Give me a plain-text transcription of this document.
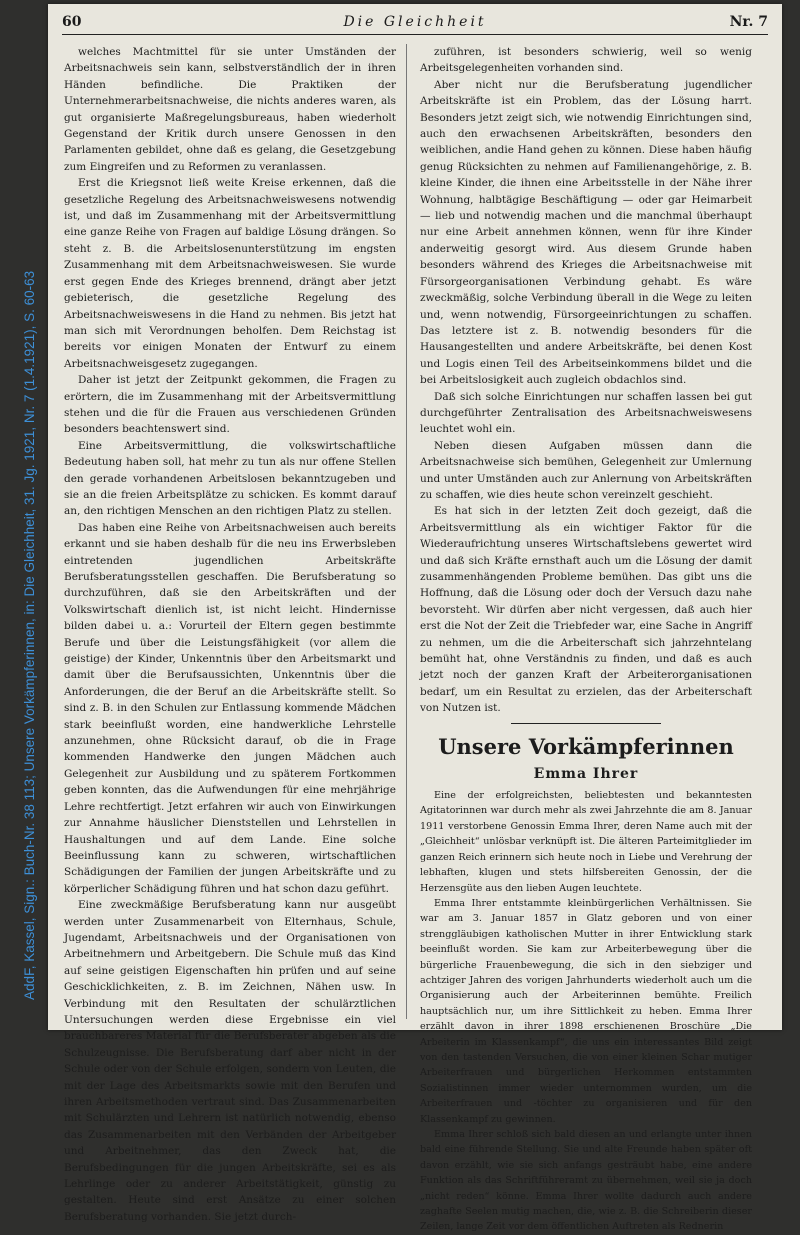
AddF, Kassel, Sign.: Buch-Nr. 38 113; Unsere Vorkämpferinnen, in: Die Gleichheit, 31. Jg. 1921, Nr. 7 (1.4.1921), S. 60-63
60	Die Gleichheit	Nr. 7

welches Machtmittel für sie unter Umständen der Arbeitsnachweis sein kann, selbstverständlich der in ihren Händen befindliche. Die Praktiken der Unternehmerarbeitsnachweise, die nichts anderes waren, als gut organisierte Maßregelungsbureaus, haben wiederholt Gegenstand der Kritik durch unsere Genossen in den Parlamenten gebildet, ohne daß es gelang, die Gesetzgebung zum Eingreifen und zu Reformen zu veranlassen.

Erst die Kriegsnot ließ weite Kreise erkennen, daß die gesetzliche Regelung des Arbeitsnachweiswesens notwendig ist, und daß im Zusammenhang mit der Arbeitsvermittlung eine ganze Reihe von Fragen auf baldige Lösung drängen. So steht z. B. die Arbeitslosenunterstützung im engsten Zusammenhang mit dem Arbeitsnachweiswesen. Sie wurde erst gegen Ende des Krieges brennend, drängt aber jetzt gebieterisch, die gesetzliche Regelung des Arbeitsnachweiswesens in die Hand zu nehmen. Bis jetzt hat man sich mit Verordnungen beholfen. Dem Reichstag ist bereits vor einigen Monaten der Entwurf zu einem Arbeitsnachweisgesetz zugegangen.

Daher ist jetzt der Zeitpunkt gekommen, die Fragen zu erörtern, die im Zusammenhang mit der Arbeitsvermittlung stehen und die für die Frauen aus verschiedenen Gründen besonders beachtenswert sind.

Eine Arbeitsvermittlung, die volkswirtschaftliche Bedeutung haben soll, hat mehr zu tun als nur offene Stellen den gerade vorhandenen Arbeitslosen bekanntzugeben und sie an die freien Arbeitsplätze zu schicken. Es kommt darauf an, den richtigen Menschen an den richtigen Platz zu stellen.

Das haben eine Reihe von Arbeitsnachweisen auch bereits erkannt und sie haben deshalb für die neu ins Erwerbsleben eintretenden jugendlichen Arbeitskräfte Berufsberatungsstellen geschaffen. Die Berufsberatung so durchzuführen, daß sie den Arbeitskräften und der Volkswirtschaft dienlich ist, ist nicht leicht. Hindernisse bilden dabei u. a.: Vorurteil der Eltern gegen bestimmte Berufe und über die Leistungsfähigkeit (vor allem die geistige) der Kinder, Unkenntnis über den Arbeitsmarkt und damit über die Berufsaussichten, Unkenntnis über die Anforderungen, die der Beruf an die Arbeitskräfte stellt. So sind z. B. in den Schulen zur Entlassung kommende Mädchen stark beeinflußt worden, eine handwerkliche Lehrstelle anzunehmen, ohne Rücksicht darauf, ob die in Frage kommenden Handwerke den jungen Mädchen auch Gelegenheit zur Ausbildung und zu späterem Fortkommen geben konnten, das die Aufwendungen für eine mehrjährige Lehre rechtfertigt. Jetzt erfahren wir auch von Einwirkungen zur Annahme häuslicher Dienststellen und Lehrstellen in Haushaltungen und auf dem Lande. Eine solche Beeinflussung kann zu schweren, wirtschaftlichen Schädigungen der Familien der jungen Arbeitskräfte und zu körperlicher Schädigung führen und hat schon dazu geführt.

Eine zweckmäßige Berufsberatung kann nur ausgeübt werden unter Zusammenarbeit von Elternhaus, Schule, Jugendamt, Arbeitsnachweis und der Organisationen von Arbeitnehmern und Arbeitgebern. Die Schule muß das Kind auf seine geistigen Eigenschaften hin prüfen und auf seine Geschicklichkeiten, z. B. im Zeichnen, Nähen usw. In Verbindung mit den Resultaten der schulärztlichen Untersuchungen werden diese Ergebnisse ein viel brauchbareres Material für die Berufsberater abgeben als die Schulzeugnisse. Die Berufsberatung darf aber nicht in der Schule oder von der Schule erfolgen, sondern von Leuten, die mit der Lage des Arbeitsmarkts sowie mit den Berufen und ihren Arbeitsmethoden vertraut sind. Das Zusammenarbeiten mit Schulärzten und Lehrern ist natürlich notwendig, ebenso das Zusammenarbeiten mit den Verbänden der Arbeitgeber und Arbeitnehmer, das den Zweck hat, die Berufsbedingungen für die jungen Arbeitskräfte, sei es als Lehrlinge oder zu anderer Arbeitstätigkeit, günstig zu gestalten. Heute sind erst Ansätze zu einer solchen Berufsberatung vorhanden. Sie jetzt durch-

zuführen, ist besonders schwierig, weil so wenig Arbeitsgelegenheiten vorhanden sind.

Aber nicht nur die Berufsberatung jugendlicher Arbeitskräfte ist ein Problem, das der Lösung harrt. Besonders jetzt zeigt sich, wie notwendig Einrichtungen sind, auch den erwachsenen Arbeitskräften, besonders den weiblichen, andie Hand gehen zu können. Diese haben häufig genug Rücksichten zu nehmen auf Familienangehörige, z. B. kleine Kinder, die ihnen eine Arbeitsstelle in der Nähe ihrer Wohnung, halbtägige Beschäftigung — oder gar Heimarbeit — lieb und notwendig machen und die manchmal überhaupt nur eine Arbeit annehmen können, wenn für ihre Kinder anderweitig gesorgt wird. Aus diesem Grunde haben besonders während des Krieges die Arbeitsnachweise mit Fürsorgeorganisationen Verbindung gehabt. Es wäre zweckmäßig, solche Verbindung überall in die Wege zu leiten und, wenn notwendig, Fürsorgeeinrichtungen zu schaffen. Das letztere ist z. B. notwendig besonders für die Hausangestellten und andere Arbeitskräfte, bei denen Kost und Logis einen Teil des Arbeitseinkommens bildet und die bei Arbeitslosigkeit auch zugleich obdachlos sind.

Daß sich solche Einrichtungen nur schaffen lassen bei gut durchgeführter Zentralisation des Arbeitsnachweiswesens leuchtet wohl ein.

Neben diesen Aufgaben müssen dann die Arbeitsnachweise sich bemühen, Gelegenheit zur Umlernung und unter Umständen auch zur Anlernung von Arbeitskräften zu schaffen, wie dies heute schon vereinzelt geschieht.

Es hat sich in der letzten Zeit doch gezeigt, daß die Arbeitsvermittlung als ein wichtiger Faktor für die Wiederaufrichtung unseres Wirtschaftslebens gewertet wird und daß sich Kräfte ernsthaft auch um die Lösung der damit zusammenhängenden Probleme bemühen. Das gibt uns die Hoffnung, daß die Lösung oder doch der Versuch dazu nahe bevorsteht. Wir dürfen aber nicht vergessen, daß auch hier erst die Not der Zeit die Triebfeder war, eine Sache in Angriff zu nehmen, um die die Arbeiterschaft sich jahrzehntelang bemüht hat, ohne Verständnis zu finden, und daß es auch jetzt noch der ganzen Kraft der Arbeiterorganisationen bedarf, um ein Resultat zu erzielen, das der Arbeiterschaft von Nutzen ist.

Unsere Vorkämpferinnen
Emma Ihrer

Eine der erfolgreichsten, beliebtesten und bekanntesten Agitatorinnen war durch mehr als zwei Jahrzehnte die am 8. Januar 1911 verstorbene Genossin Emma Ihrer, deren Name auch mit der „Gleichheit“ unlösbar verknüpft ist. Die älteren Parteimitglieder im ganzen Reich erinnern sich heute noch in Liebe und Verehrung der lebhaften, klugen und stets hilfsbereiten Genossin, der die Herzensgüte aus den lieben Augen leuchtete.

Emma Ihrer entstammte kleinbürgerlichen Verhältnissen. Sie war am 3. Januar 1857 in Glatz geboren und von einer strenggläubigen katholischen Mutter in ihrer Entwicklung stark beeinflußt worden. Sie kam zur Arbeiterbewegung über die bürgerliche Frauenbewegung, die sich in den siebziger und achtziger Jahren des vorigen Jahrhunderts wiederholt auch um die Organisierung auch der Arbeiterinnen bemühte. Freilich hauptsächlich nur, um ihre Sittlichkeit zu heben. Emma Ihrer erzählt davon in ihrer 1898 erschienenen Broschüre „Die Arbeiterin im Klassenkampf“, die uns ein interessantes Bild zeigt von den tastenden Versuchen, die von einer kleinen Schar mutiger Arbeiterfrauen und bürgerlichen Herkommen entstammten Sozialistinnen immer wieder unternommen wurden, um die Arbeiterfrauen und -töchter zu organisieren und für den Klassenkampf zu gewinnen.

Emma Ihrer schloß sich bald diesen an und erlangte unter ihnen bald eine führende Stellung. Sie und alte Freunde haben später oft davon erzählt, wie sie sich anfangs gesträubt habe, eine andere Funktion als das Schriftführeramt zu übernehmen, weil sie ja doch „nicht reden“ könne. Emma Ihrer wollte dadurch auch andere zaghafte Seelen mutig machen, die, wie z. B. die Schreiberin dieser Zeilen, lange Zeit vor dem öffentlichen Auftreten als Rednerin
